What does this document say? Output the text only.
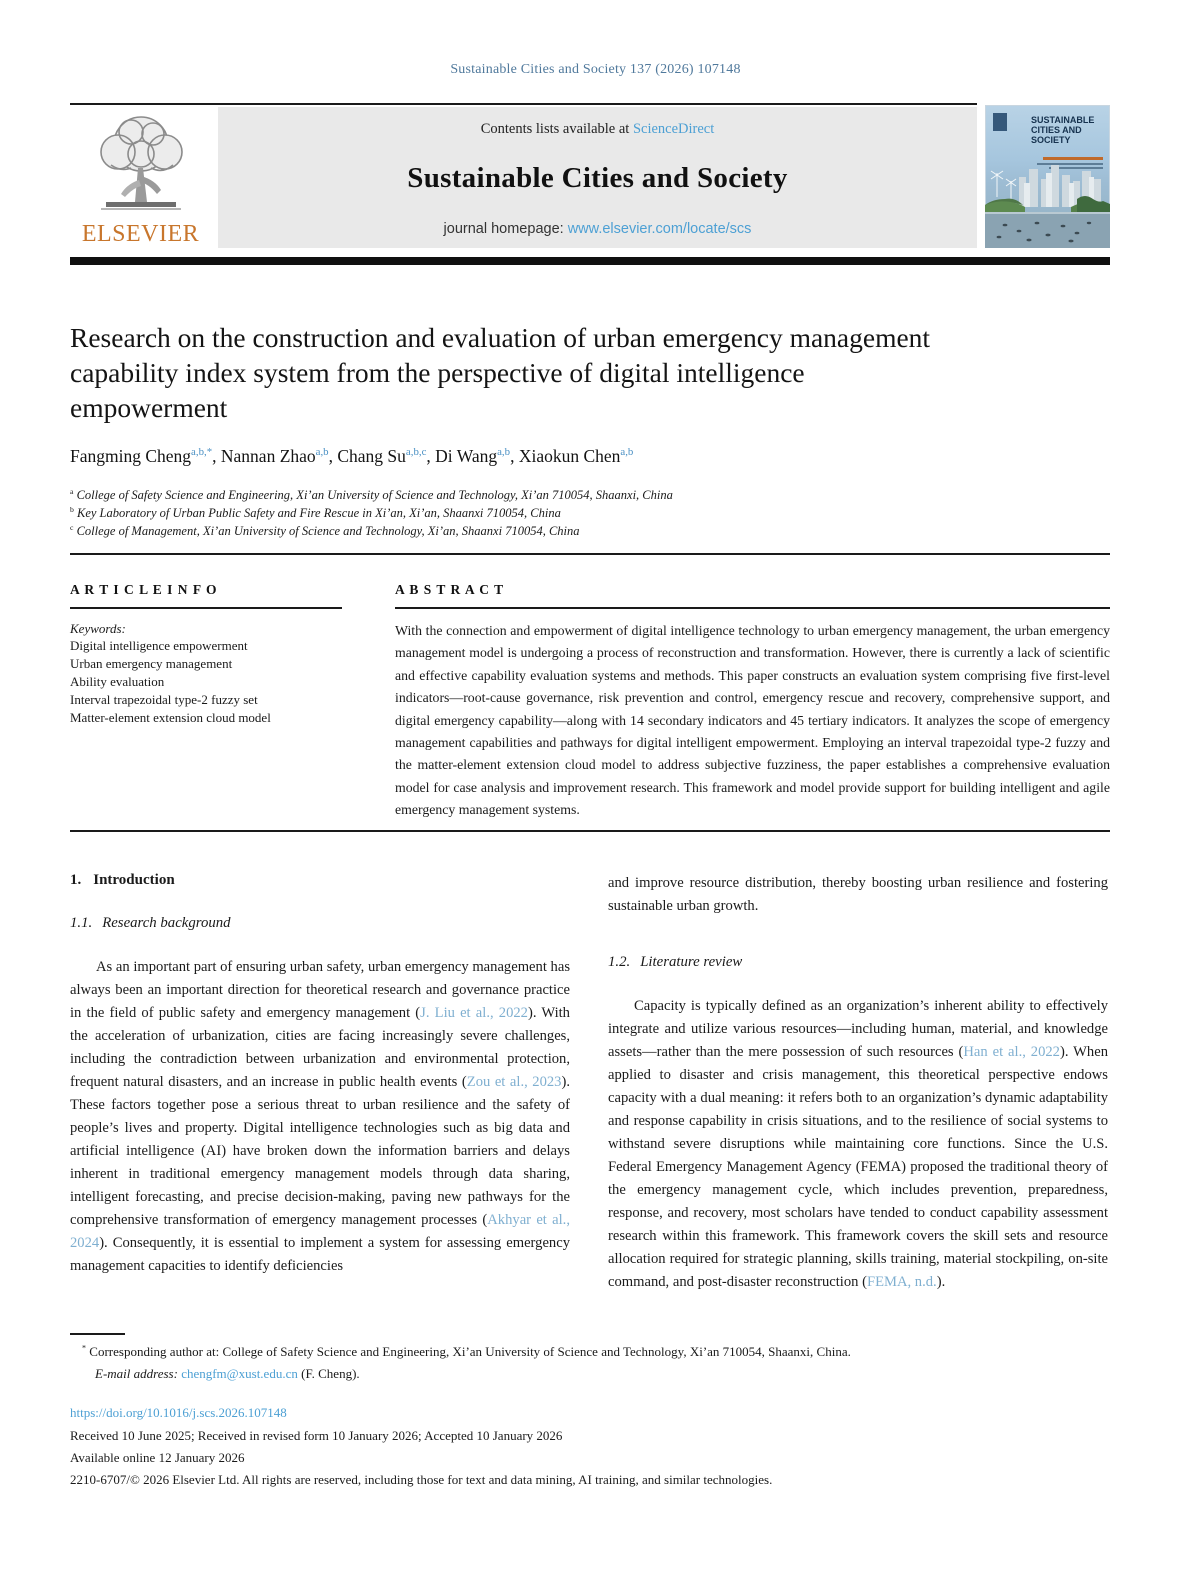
Sustainable Cities and Society 137 (2026) 107148
ELSEVIER
Contents lists available at ScienceDirect
Sustainable Cities and Society
journal homepage: www.elsevier.com/locate/scs
SUSTAINABLE CITIES AND SOCIETY
Research on the construction and evaluation of urban emergency management capability index system from the perspective of digital intelligence empowerment
Fangming Cheng$^{a,b,*}$, Nannan Zhao$^{a,b}$, Chang Su$^{a,b,c}$, Di Wang$^{a,b}$, Xiaokun Chen$^{a,b}$
$^a$ College of Safety Science and Engineering, Xi’an University of Science and Technology, Xi’an 710054, Shaanxi, China
$^b$ Key Laboratory of Urban Public Safety and Fire Rescue in Xi’an, Xi’an, Shaanxi 710054, China
$^c$ College of Management, Xi’an University of Science and Technology, Xi’an, Shaanxi 710054, China
A R T I C L E I N F O
Keywords:
Digital intelligence empowerment
Urban emergency management
Ability evaluation
Interval trapezoidal type-2 fuzzy set
Matter-element extension cloud model
A B S T R A C T
With the connection and empowerment of digital intelligence technology to urban emergency management, the urban emergency management model is undergoing a process of reconstruction and transformation. However, there is currently a lack of scientific and effective capability evaluation systems and methods. This paper constructs an evaluation system comprising five first-level indicators—root-cause governance, risk prevention and control, emergency rescue and recovery, comprehensive support, and digital emergency capability—along with 14 secondary indicators and 45 tertiary indicators. It analyzes the scope of emergency management capabilities and pathways for digital intelligent empowerment. Employing an interval trapezoidal type-2 fuzzy and the matter-element extension cloud model to address subjective fuzziness, the paper establishes a comprehensive evaluation model for case analysis and improvement research. This framework and model provide support for building intelligent and agile emergency management systems.
1. Introduction
1.1. Research background

As an important part of ensuring urban safety, urban emergency management has always been an important direction for theoretical research and governance practice in the field of public safety and emergency management (J. Liu et al., 2022). With the acceleration of urbanization, cities are facing increasingly severe challenges, including the contradiction between urbanization and environmental protection, frequent natural disasters, and an increase in public health events (Zou et al., 2023). These factors together pose a serious threat to urban resilience and the safety of people’s lives and property. Digital intelligence technologies such as big data and artificial intelligence (AI) have broken down the information barriers and delays inherent in traditional emergency management models through data sharing, intelligent forecasting, and precise decision-making, paving new pathways for the comprehensive transformation of emergency management processes (Akhyar et al., 2024). Consequently, it is essential to implement a system for assessing emergency management capacities to identify deficiencies

and improve resource distribution, thereby boosting urban resilience and fostering sustainable urban growth.

1.2. Literature review

Capacity is typically defined as an organization’s inherent ability to effectively integrate and utilize various resources—including human, material, and knowledge assets—rather than the mere possession of such resources (Han et al., 2022). When applied to disaster and crisis management, this theoretical perspective endows capacity with a dual meaning: it refers both to an organization’s dynamic adaptability and response capability in crisis situations, and to the resilience of social systems to withstand severe disruptions while maintaining core functions. Since the U.S. Federal Emergency Management Agency (FEMA) proposed the traditional theory of the emergency management cycle, which includes prevention, preparedness, response, and recovery, most scholars have tended to conduct capability assessment research within this framework. This framework covers the skill sets and resource allocation required for strategic planning, skills training, material stockpiling, on-site command, and post-disaster reconstruction (FEMA, n.d.).

* Corresponding author at: College of Safety Science and Engineering, Xi’an University of Science and Technology, Xi’an 710054, Shaanxi, China.
E-mail address: chengfm@xust.edu.cn (F. Cheng).
https://doi.org/10.1016/j.scs.2026.107148
Received 10 June 2025; Received in revised form 10 January 2026; Accepted 10 January 2026
Available online 12 January 2026
2210-6707/© 2026 Elsevier Ltd. All rights are reserved, including those for text and data mining, AI training, and similar technologies.
